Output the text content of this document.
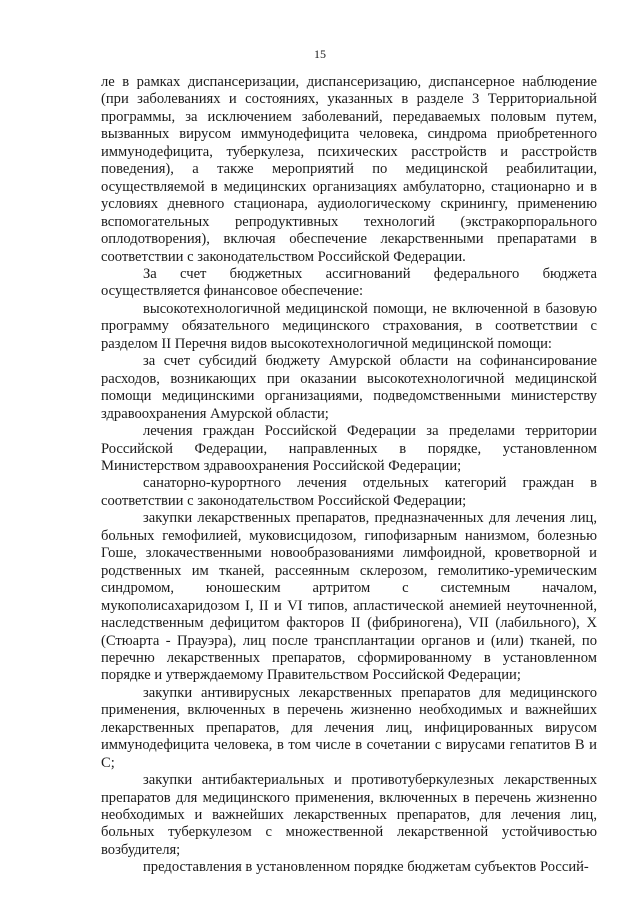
15

ле в рамках диспансеризации, диспансеризацию, диспансерное наблюдение (при заболеваниях и состояниях, указанных в разделе 3 Территориальной программы, за исключением заболеваний, передаваемых половым путем, вызванных вирусом иммунодефицита человека, синдрома приобретенного иммунодефицита, туберкулеза, психических расстройств и расстройств поведения), а также мероприятий по медицинской реабилитации, осуществляемой в медицинских организациях амбулаторно, стационарно и в условиях дневного стационара, аудиологическому скринингу, применению вспомогательных репродуктивных технологий (экстракорпорального оплодотворения), включая обеспечение лекарственными препаратами в соответствии с законодательством Российской Федерации.

За счет бюджетных ассигнований федерального бюджета осуществляется финансовое обеспечение:

высокотехнологичной медицинской помощи, не включенной в базовую программу обязательного медицинского страхования, в соответствии с разделом II Перечня видов высокотехнологичной медицинской помощи:

за счет субсидий бюджету Амурской области на софинансирование расходов, возникающих при оказании высокотехнологичной медицинской помощи медицинскими организациями, подведомственными министерству здравоохранения Амурской области;

лечения граждан Российской Федерации за пределами территории Российской Федерации, направленных в порядке, установленном Министерством здравоохранения Российской Федерации;

санаторно-курортного лечения отдельных категорий граждан в соответствии с законодательством Российской Федерации;

закупки лекарственных препаратов, предназначенных для лечения лиц, больных гемофилией, муковисцидозом, гипофизарным нанизмом, болезнью Гоше, злокачественными новообразованиями лимфоидной, кроветворной и родственных им тканей, рассеянным склерозом, гемолитико-уремическим синдромом, юношеским артритом с системным началом, мукополисахаридозом I, II и VI типов, апластической анемией неуточненной, наследственным дефицитом факторов II (фибриногена), VII (лабильного), X (Стюарта - Прауэра), лиц после трансплантации органов и (или) тканей, по перечню лекарственных препаратов, сформированному в установленном порядке и утверждаемому Правительством Российской Федерации;

закупки антивирусных лекарственных препаратов для медицинского применения, включенных в перечень жизненно необходимых и важнейших лекарственных препаратов, для лечения лиц, инфицированных вирусом иммунодефицита человека, в том числе в сочетании с вирусами гепатитов B и C;

закупки антибактериальных и противотуберкулезных лекарственных препаратов для медицинского применения, включенных в перечень жизненно необходимых и важнейших лекарственных препаратов, для лечения лиц, больных туберкулезом с множественной лекарственной устойчивостью возбудителя;

предоставления в установленном порядке бюджетам субъектов Россий-
